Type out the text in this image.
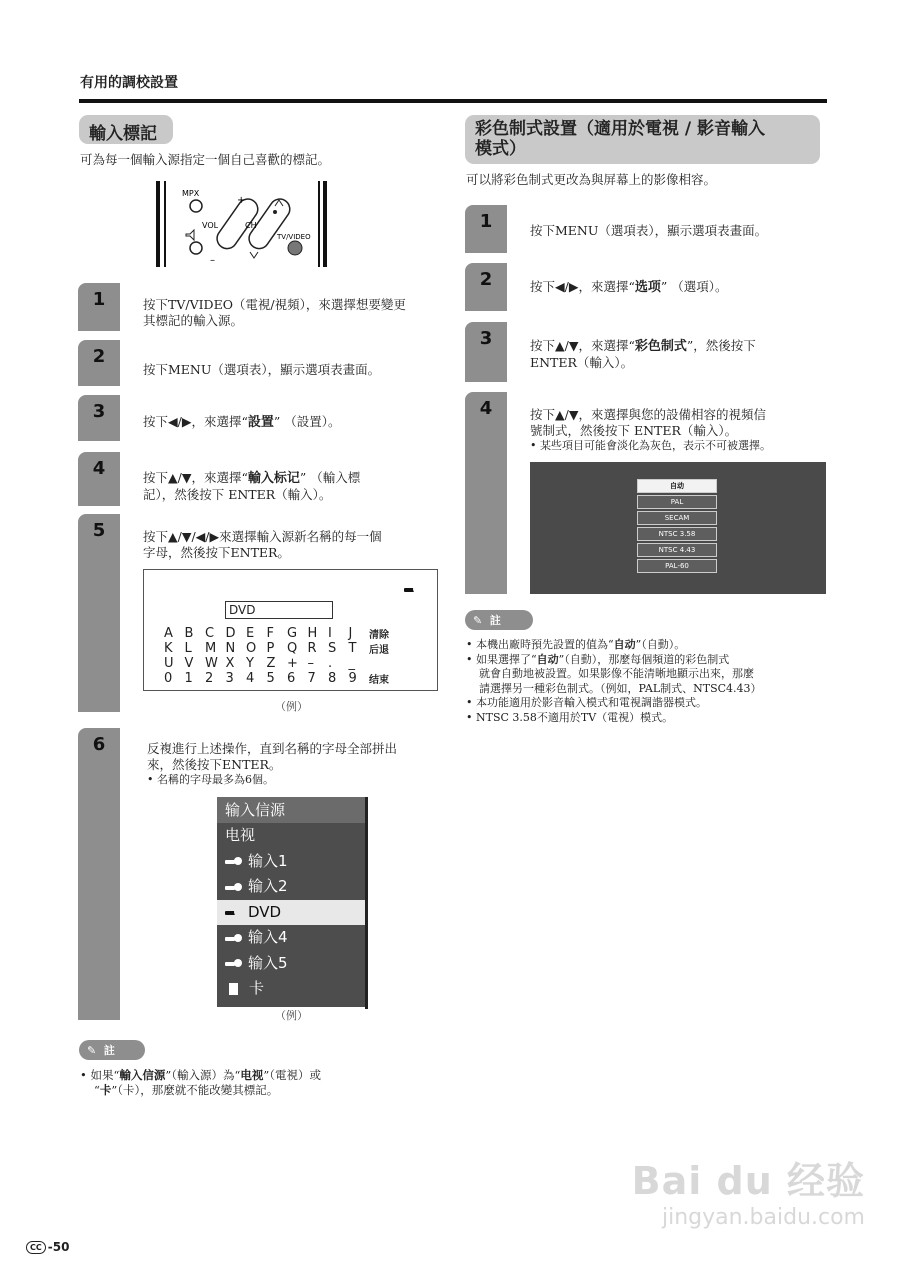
有用的調校設置
輸入標記
可為每一個輸入源指定一個自己喜歡的標記。
MPX
VOL	CH
TV/VIDEO
+
–
1	按下TV/VIDEO（電視/視頻），來選擇想要變更
其標記的輸入源。
2
按下MENU（選項表），顯示選項表畫面。
3	按下◀/▶，來選擇“設置” （設置）。
4	按下▲/▼，來選擇“輸入标记” （輸入標
記），然後按下 ENTER（輸入）。
5	按下▲/▼/◀/▶來選擇輸入源新名稱的每一個
字母，然後按下ENTER。
3
DVD
A B C D E F	G H I	J	清除
K L	M N O P Q R S T	后退
U V W X Y Z + –	.	_
0 1 2 3 4 5 6 7 8 9	结束
（例）
6	反複進行上述操作，直到名稱的字母全部拼出
來，然後按下ENTER。
• 名稱的字母最多為6個。
输入信源
电视
1 输入1
2 输入2
3 DVD
4 输入4
5 输入5
卡
（例）
✎ 註
• 如果“輸入信源”（輸入源）為“电视”（電視）或
“卡”（卡），那麼就不能改變其標記。
彩色制式設置（適用於電視 / 影音輸入
模式）
可以將彩色制式更改為與屏幕上的影像相容。
1	按下MENU（選項表），顯示選項表畫面。
2	按下◀/▶，來選擇“选项” （選項）。
3	按下▲/▼，來選擇“彩色制式”，然後按下
ENTER（輸入）。
4	按下▲/▼，來選擇與您的設備相容的視頻信
號制式，然後按下 ENTER（輸入）。
• 某些項目可能會淡化為灰色，表示不可被選擇。
自动
PAL
SECAM
NTSC 3.58
NTSC 4.43
PAL-60
✎ 註
• 本機出廠時預先設置的值為“自动”（自動）。
• 如果選擇了“自动”（自動），那麼每個頻道的彩色制式
就會自動地被設置。如果影像不能清晰地顯示出來，那麼
請選擇另一種彩色制式。（例如，PAL制式、NTSC4.43）
• 本功能適用於影音輸入模式和電視調諧器模式。
• NTSC 3.58不適用於TV（電視）模式。
Bai du 经验
jingyan.baidu.com
CC -50
